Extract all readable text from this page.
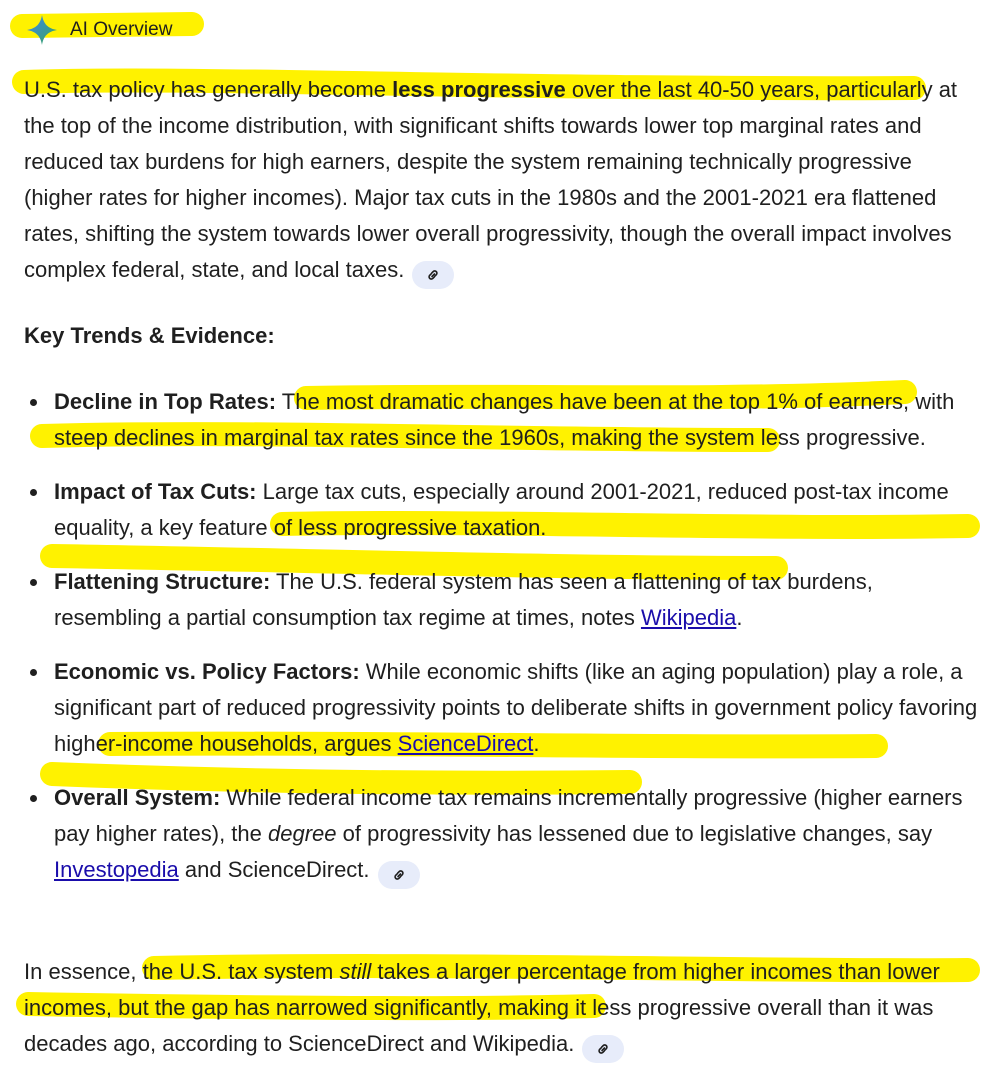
AI Overview

U.S. tax policy has generally become less progressive over the last 40-50 years, particularly at the top of the income distribution, with significant shifts towards lower top marginal rates and reduced tax burdens for high earners, despite the system remaining technically progressive (higher rates for higher incomes). Major tax cuts in the 1980s and the 2001-2021 era flattened rates, shifting the system towards lower overall progressivity, though the overall impact involves complex federal, state, and local taxes.

Key Trends & Evidence:
Decline in Top Rates: The most dramatic changes have been at the top 1% of earners, with steep declines in marginal tax rates since the 1960s, making the system less progressive.
Impact of Tax Cuts: Large tax cuts, especially around 2001-2021, reduced post-tax income equality, a key feature of less progressive taxation.
Flattening Structure: The U.S. federal system has seen a flattening of tax burdens, resembling a partial consumption tax regime at times, notes Wikipedia.
Economic vs. Policy Factors: While economic shifts (like an aging population) play a role, a significant part of reduced progressivity points to deliberate shifts in government policy favoring higher-income households, argues ScienceDirect.
Overall System: While federal income tax remains incrementally progressive (higher earners pay higher rates), the degree of progressivity has lessened due to legislative changes, say Investopedia and ScienceDirect.

In essence, the U.S. tax system still takes a larger percentage from higher incomes than lower incomes, but the gap has narrowed significantly, making it less progressive overall than it was decades ago, according to ScienceDirect and Wikipedia.
